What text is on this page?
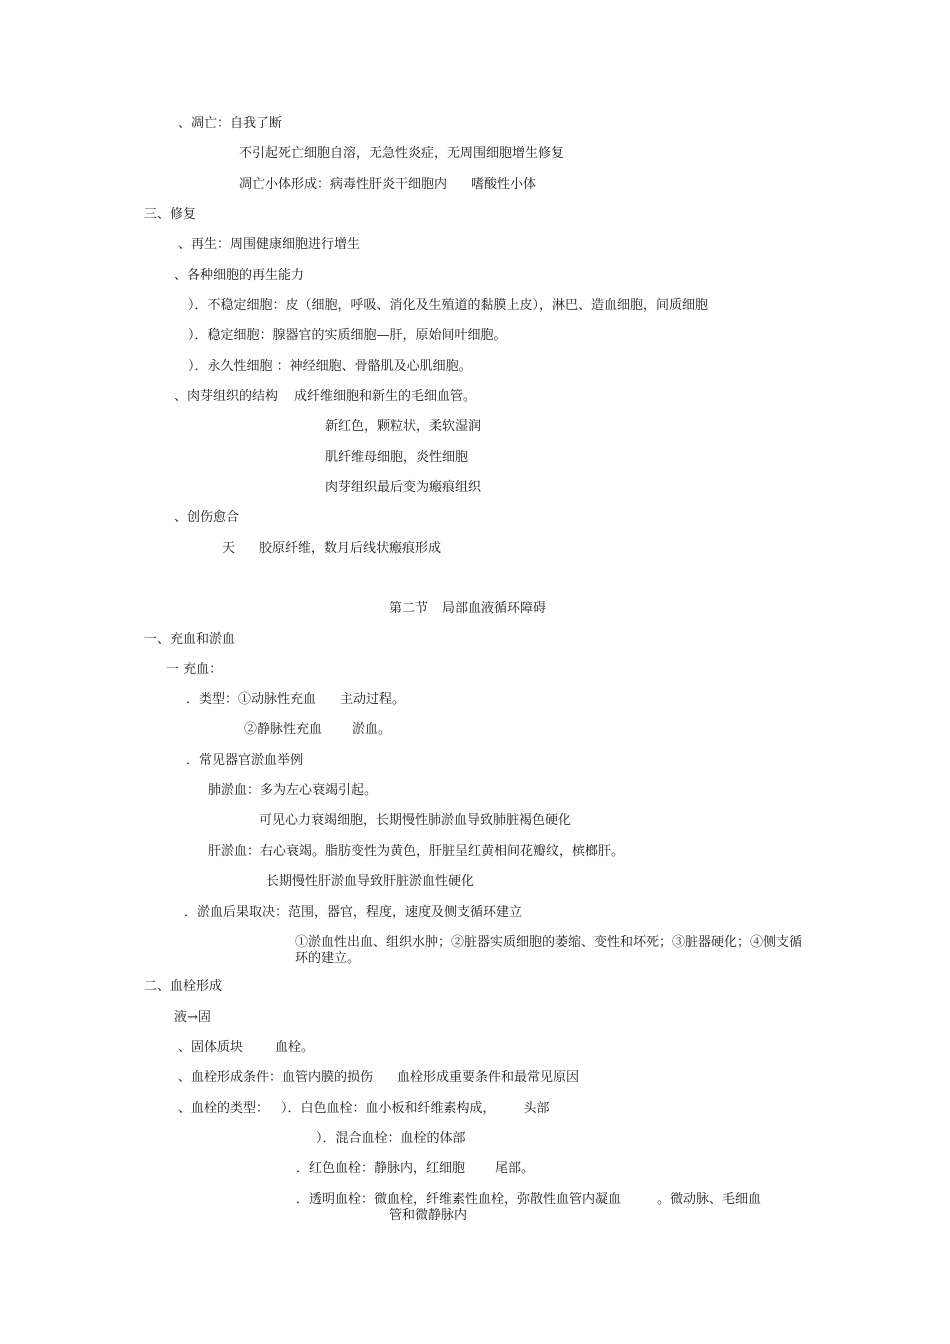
、凋亡：自我了断

不引起死亡细胞自溶，无急性炎症，无周围细胞增生修复

凋亡小体形成：病毒性肝炎干细胞内 嗜酸性小体

三、修复

、再生：周围健康细胞进行增生

、各种细胞的再生能力

）．不稳定细胞：皮（细胞，呼吸、消化及生殖道的黏膜上皮），淋巴、造血细胞，间质细胞

）．稳定细胞：腺器官的实质细胞—肝，原始间叶细胞。

）．永久性细胞 ：神经细胞、骨骼肌及心肌细胞。

、肉芽组织的结构 成纤维细胞和新生的毛细血管。

新红色，颗粒状，柔软湿润

肌纤维母细胞，炎性细胞

肉芽组织最后变为瘢痕组织

、创伤愈合

天 胶原纤维，数月后线状瘢痕形成

第二节 局部血液循环障碍

一、充血和淤血

一 充血：

．类型：①动脉性充血 主动过程。

②静脉性充血 淤血。

．常见器官淤血举例

肺淤血：多为左心衰竭引起。

可见心力衰竭细胞，长期慢性肺淤血导致肺脏褐色硬化

肝淤血：右心衰竭。脂肪变性为黄色，肝脏呈红黄相间花瓣纹，槟榔肝。

长期慢性肝淤血导致肝脏淤血性硬化

．淤血后果取决：范围，器官，程度，速度及侧支循环建立

①淤血性出血、组织水肿；②脏器实质细胞的萎缩、变性和坏死；③脏器硬化；④侧支循环的建立。

二、血栓形成

液→固

、固体质块 血栓。

、血栓形成条件：血管内膜的损伤 血栓形成重要条件和最常见原因

、血栓的类型： ）．白色血栓：血小板和纤维素构成， 头部

）．混合血栓：血栓的体部

．红色血栓：静脉内，红细胞 尾部。

．透明血栓：微血栓，纤维素性血栓，弥散性血管内凝血	。微动脉、毛细血

管和微静脉内
